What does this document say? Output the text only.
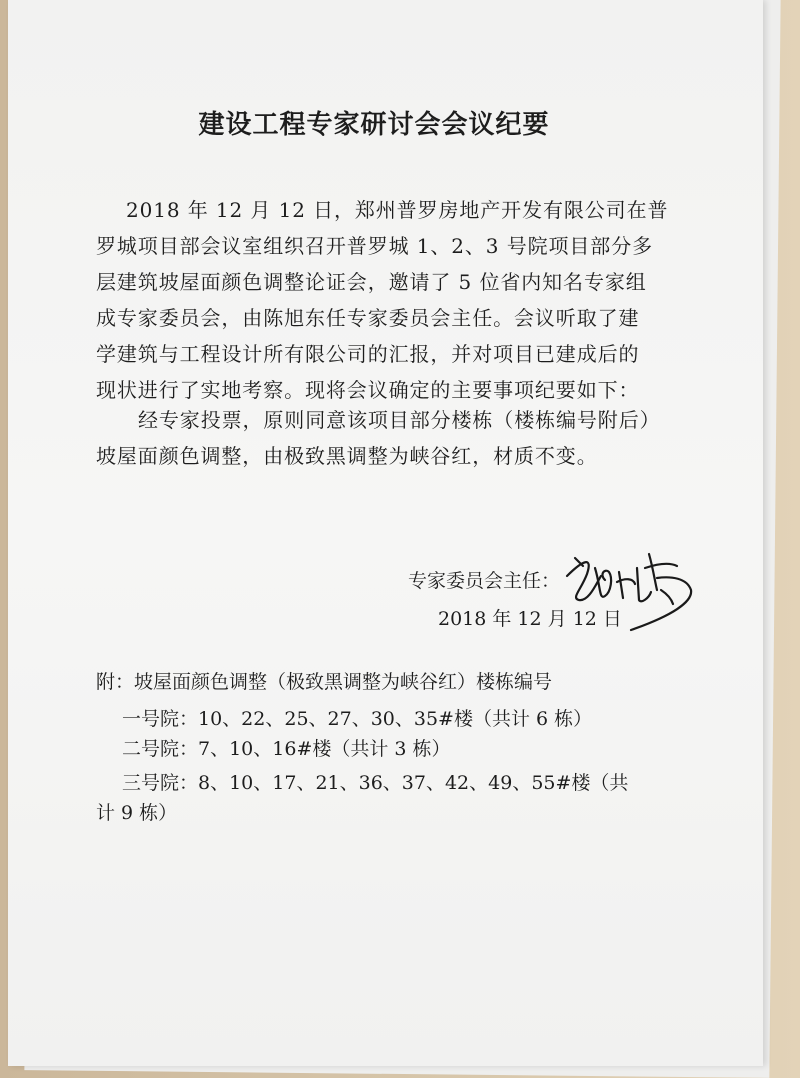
建设工程专家研讨会会议纪要

2018 年 12 月 12 日，郑州普罗房地产开发有限公司在普

罗城项目部会议室组织召开普罗城 1、2、3 号院项目部分多

层建筑坡屋面颜色调整论证会，邀请了 5 位省内知名专家组

成专家委员会，由陈旭东任专家委员会主任。会议听取了建

学建筑与工程设计所有限公司的汇报，并对项目已建成后的

现状进行了实地考察。现将会议确定的主要事项纪要如下：

经专家投票，原则同意该项目部分楼栋（楼栋编号附后）

坡屋面颜色调整，由极致黑调整为峡谷红，材质不变。

专家委员会主任：
2018 年 12 月 12 日
附：坡屋面颜色调整（极致黑调整为峡谷红）楼栋编号
一号院：10、22、25、27、30、35#楼（共计 6 栋）
二号院：7、10、16#楼（共计 3 栋）
三号院：8、10、17、21、36、37、42、49、55#楼（共
计 9 栋）
